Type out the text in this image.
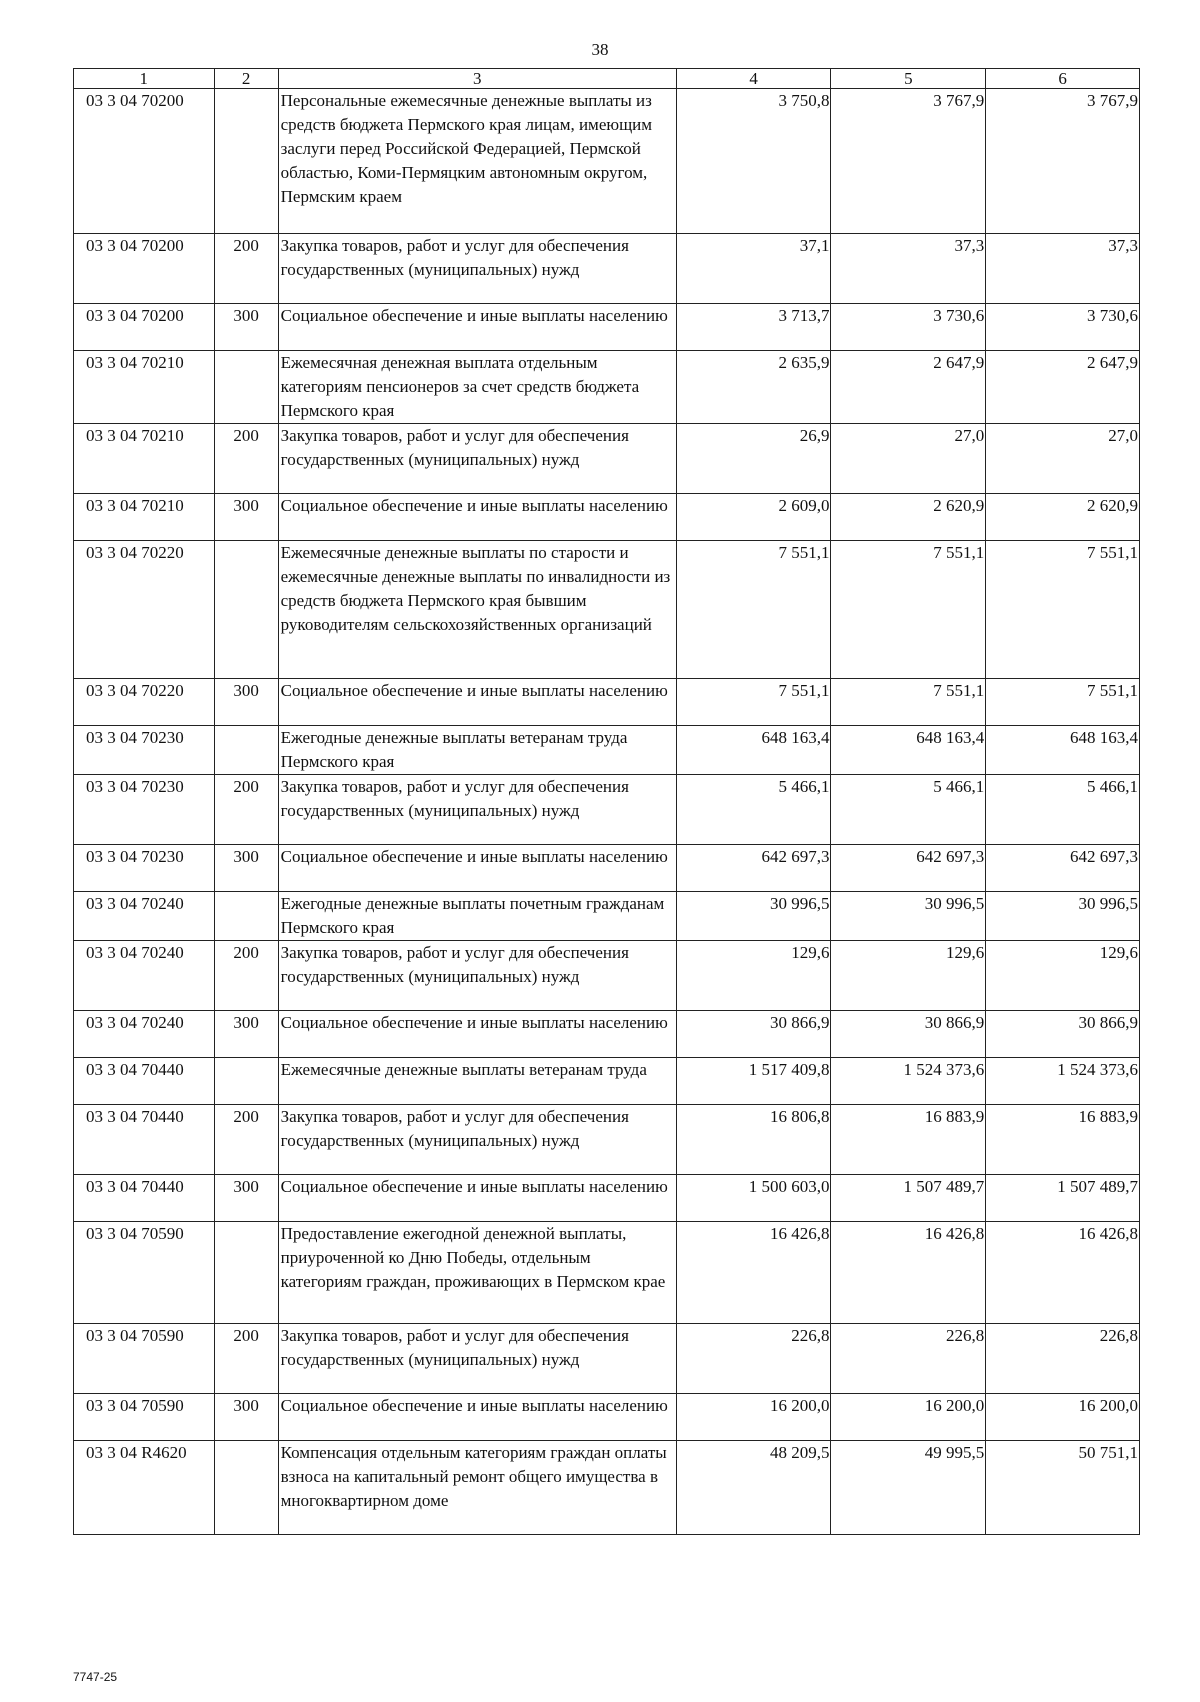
38
1	2	3	4	5	6
03 3 04 70200		Персональные ежемесячные денежные выплаты из средств бюджета Пермского края лицам, имеющим заслуги перед Российской Федерацией, Пермской областью, Коми-Пермяцким автономным округом, Пермским краем	3 750,8	3 767,9	3 767,9
03 3 04 70200	200	Закупка товаров, работ и услуг для обеспечения государственных (муниципальных) нужд	37,1	37,3	37,3
03 3 04 70200	300	Социальное обеспечение и иные выплаты населению	3 713,7	3 730,6	3 730,6
03 3 04 70210		Ежемесячная денежная выплата отдельным категориям пенсионеров за счет средств бюджета Пермского края	2 635,9	2 647,9	2 647,9
03 3 04 70210	200	Закупка товаров, работ и услуг для обеспечения государственных (муниципальных) нужд	26,9	27,0	27,0
03 3 04 70210	300	Социальное обеспечение и иные выплаты населению	2 609,0	2 620,9	2 620,9
03 3 04 70220		Ежемесячные денежные выплаты по старости и ежемесячные денежные выплаты по инвалидности из средств бюджета Пермского края бывшим руководителям сельскохозяйственных организаций	7 551,1	7 551,1	7 551,1
03 3 04 70220	300	Социальное обеспечение и иные выплаты населению	7 551,1	7 551,1	7 551,1
03 3 04 70230		Ежегодные денежные выплаты ветеранам труда Пермского края	648 163,4	648 163,4	648 163,4
03 3 04 70230	200	Закупка товаров, работ и услуг для обеспечения государственных (муниципальных) нужд	5 466,1	5 466,1	5 466,1
03 3 04 70230	300	Социальное обеспечение и иные выплаты населению	642 697,3	642 697,3	642 697,3
03 3 04 70240		Ежегодные денежные выплаты почетным гражданам Пермского края	30 996,5	30 996,5	30 996,5
03 3 04 70240	200	Закупка товаров, работ и услуг для обеспечения государственных (муниципальных) нужд	129,6	129,6	129,6
03 3 04 70240	300	Социальное обеспечение и иные выплаты населению	30 866,9	30 866,9	30 866,9
03 3 04 70440		Ежемесячные денежные выплаты ветеранам труда	1 517 409,8	1 524 373,6	1 524 373,6
03 3 04 70440	200	Закупка товаров, работ и услуг для обеспечения государственных (муниципальных) нужд	16 806,8	16 883,9	16 883,9
03 3 04 70440	300	Социальное обеспечение и иные выплаты населению	1 500 603,0	1 507 489,7	1 507 489,7
03 3 04 70590		Предоставление ежегодной денежной выплаты, приуроченной ко Дню Победы, отдельным категориям граждан, проживающих в Пермском крае	16 426,8	16 426,8	16 426,8
03 3 04 70590	200	Закупка товаров, работ и услуг для обеспечения государственных (муниципальных) нужд	226,8	226,8	226,8
03 3 04 70590	300	Социальное обеспечение и иные выплаты населению	16 200,0	16 200,0	16 200,0
03 3 04 R4620		Компенсация отдельным категориям граждан оплаты взноса на капитальный ремонт общего имущества в многоквартирном доме	48 209,5	49 995,5	50 751,1
7747-25
